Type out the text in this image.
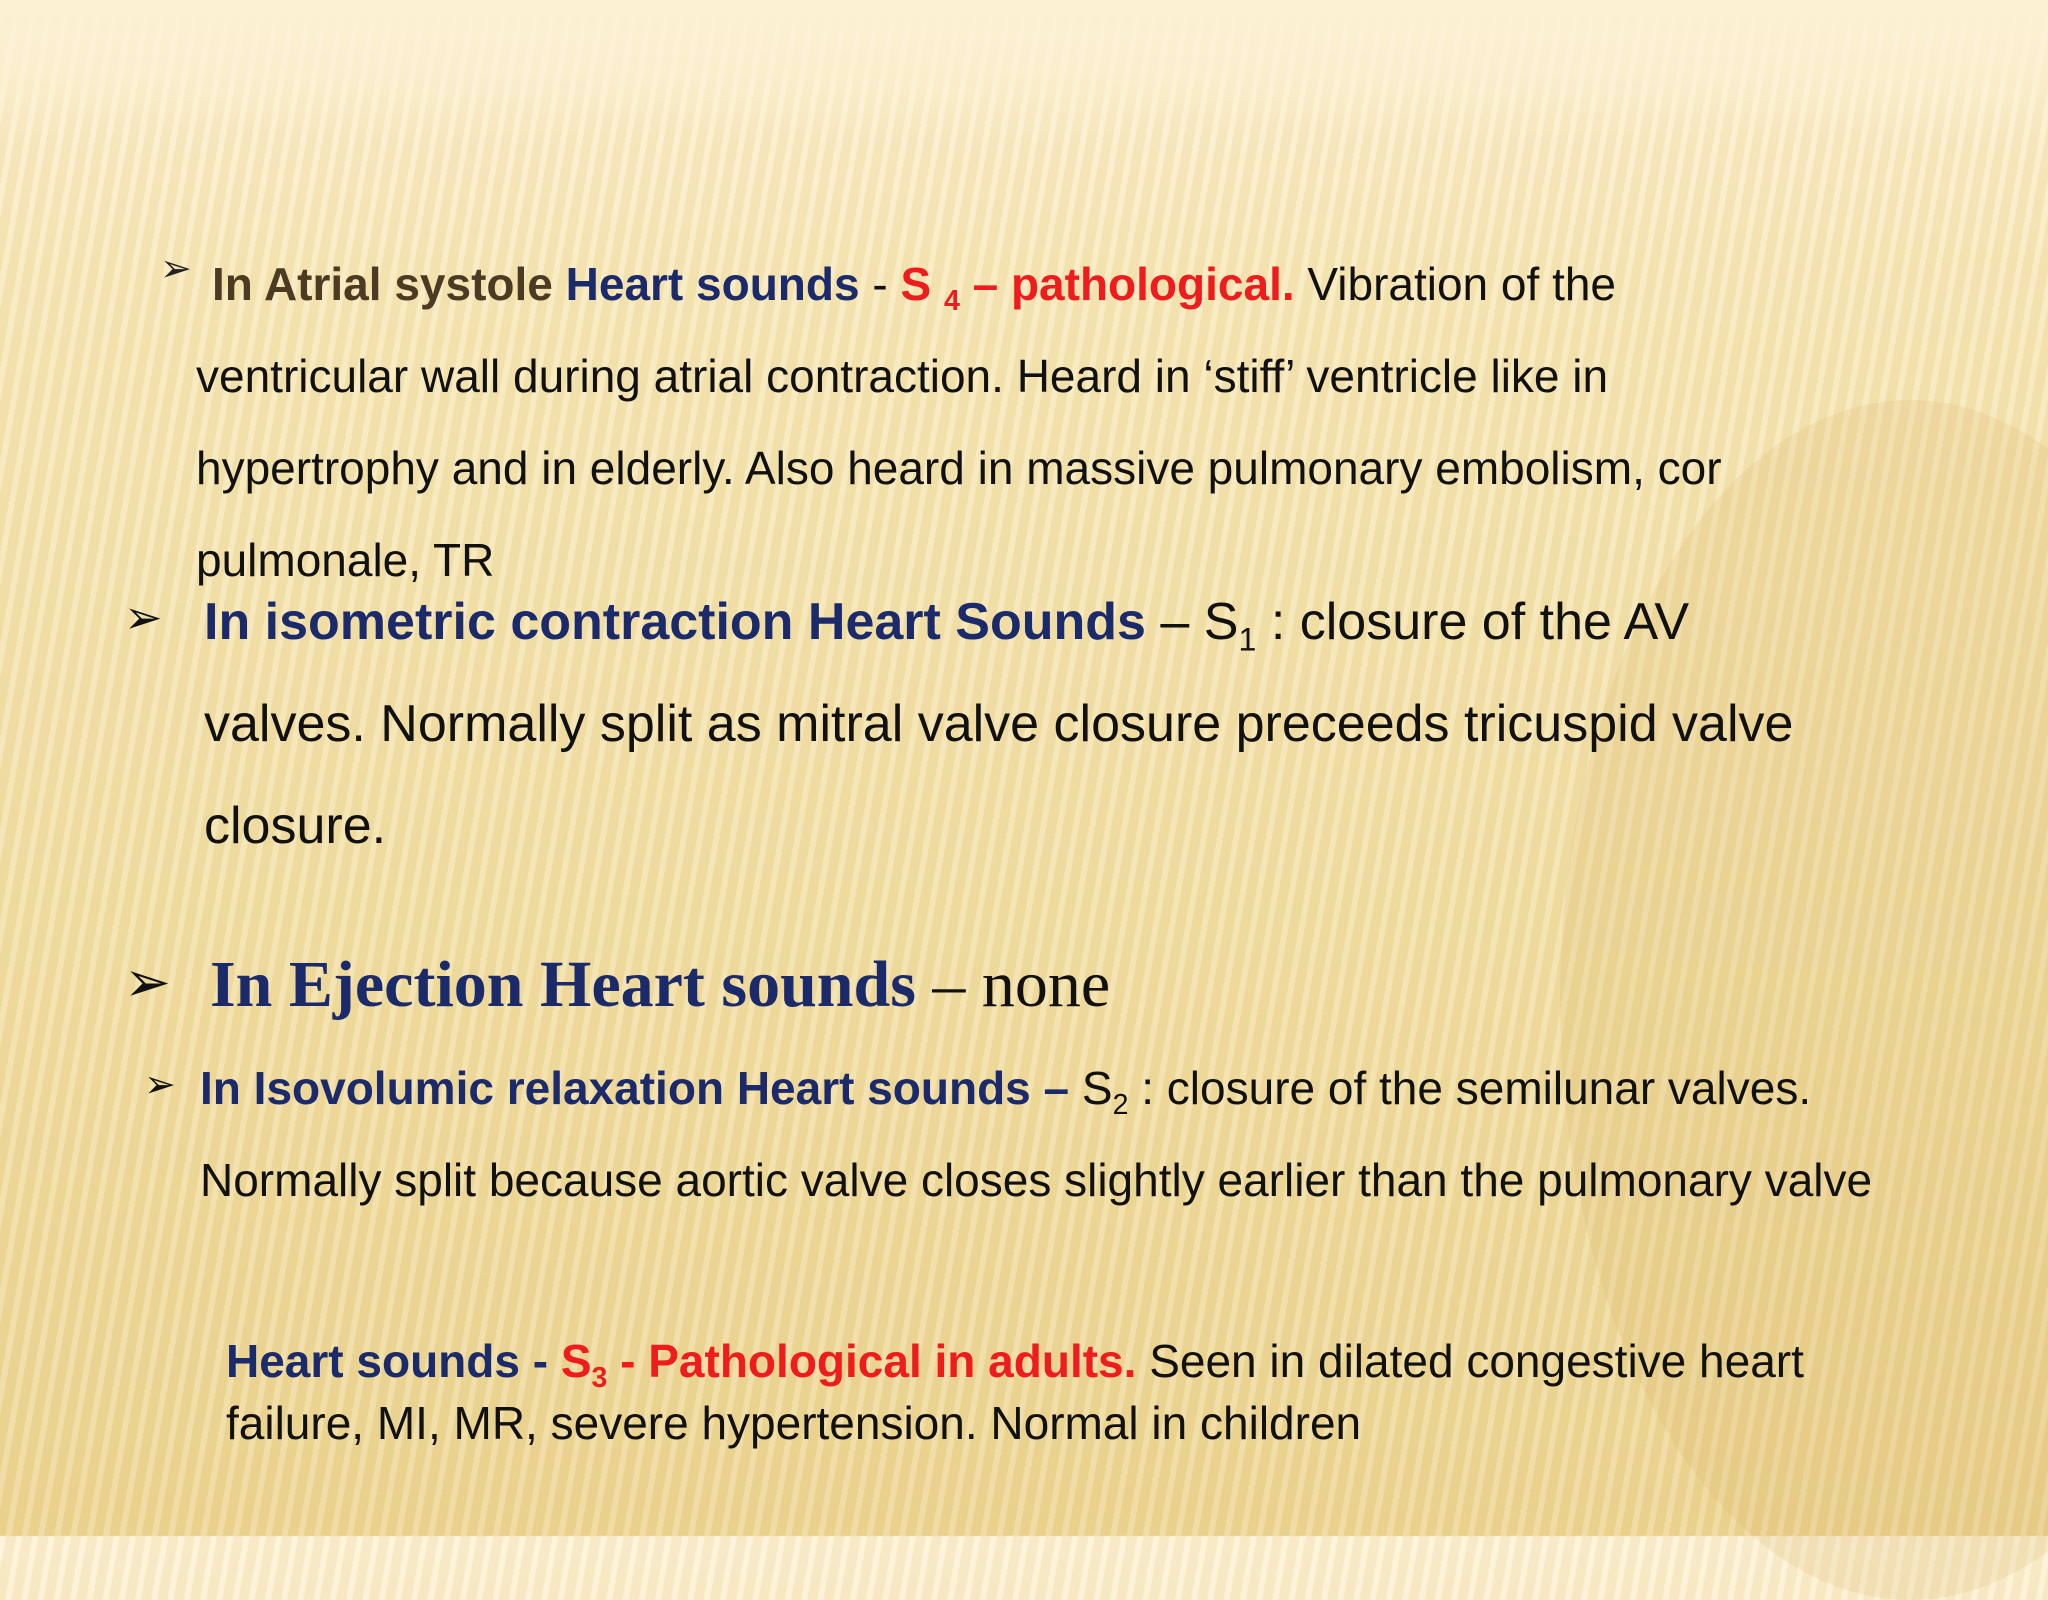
➢ In Atrial systole Heart sounds - S $_4$ – pathological. Vibration of the ventricular wall during atrial contraction. Heard in ‘stiff’ ventricle like in hypertrophy and in elderly. Also heard in massive pulmonary embolism, cor pulmonale, TR
➢ In isometric contraction Heart Sounds – $S_1$ : closure of the AV valves. Normally split as mitral valve closure preceeds tricuspid valve closure.
➢ In Ejection Heart sounds – none
➢ In Isovolumic relaxation Heart sounds – $S_2$ : closure of the semilunar valves. Normally split because aortic valve closes slightly earlier than the pulmonary valve
Heart sounds - $S_3$ - Pathological in adults. Seen in dilated congestive heart failure, MI, MR, severe hypertension. Normal in children
